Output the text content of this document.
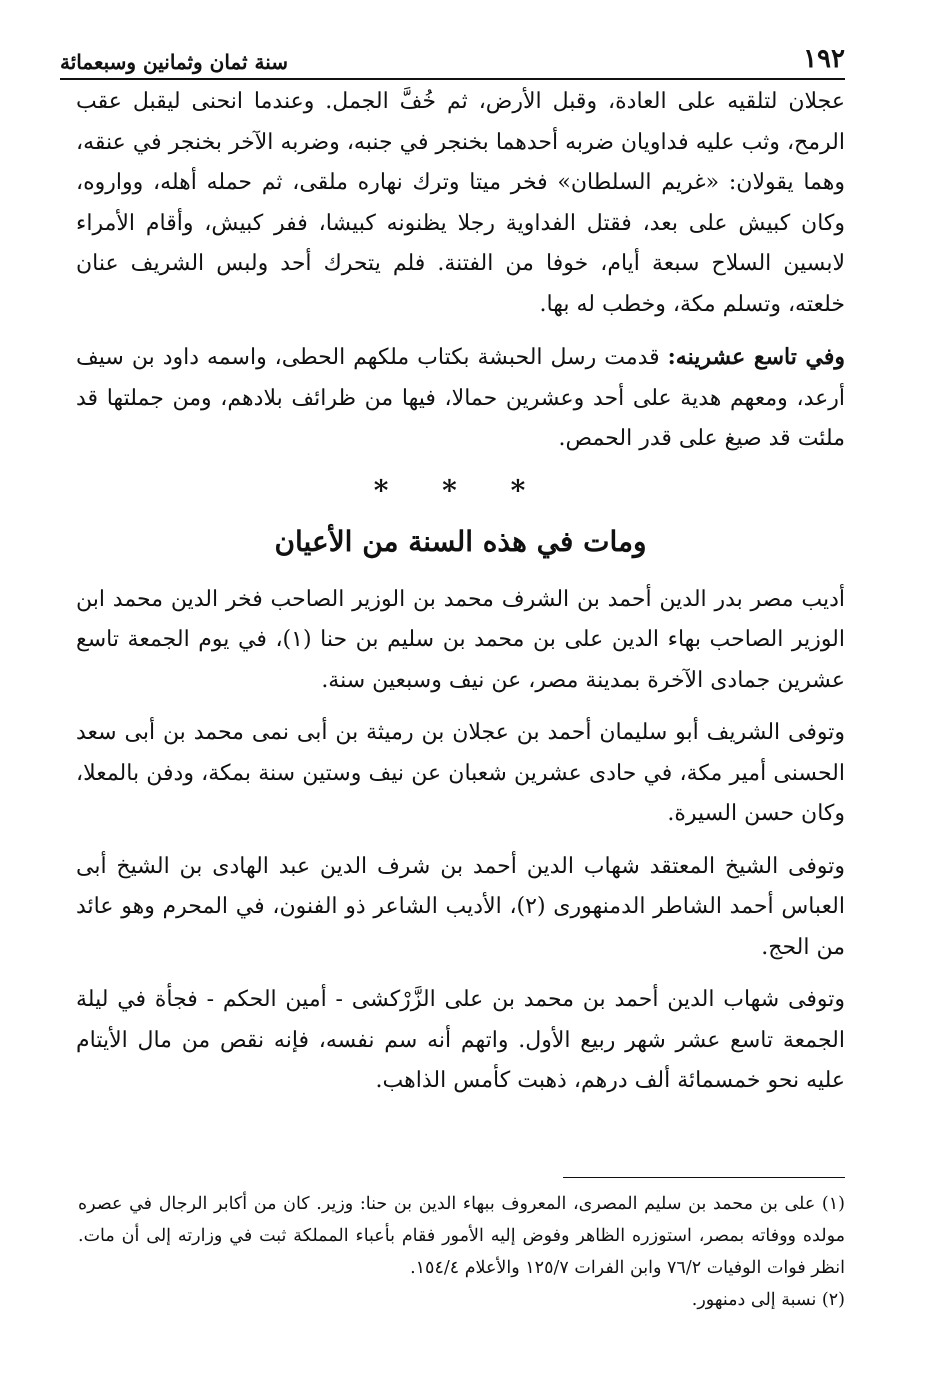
١٩٢
سنة ثمان وثمانين وسبعمائة

عجلان لتلقيه على العادة، وقبل الأرض، ثم خُفَّ الجمل. وعندما انحنى ليقبل عقب الرمح، وثب عليه فداويان ضربه أحدهما بخنجر في جنبه، وضربه الآخر بخنجر في عنقه، وهما يقولان: «غريم السلطان» فخر ميتا وترك نهاره ملقى، ثم حمله أهله، وواروه، وكان كبيش على بعد، فقتل الفداوية رجلا يظنونه كبيشا، ففر كبيش، وأقام الأمراء لابسين السلاح سبعة أيام، خوفا من الفتنة. فلم يتحرك أحد ولبس الشريف عنان خلعته، وتسلم مكة، وخطب له بها.

وفي تاسع عشرينه: قدمت رسل الحبشة بكتاب ملكهم الحطى، واسمه داود بن سيف أرعد، ومعهم هدية على أحد وعشرين حمالا، فيها من ظرائف بلادهم، ومن جملتها قد ملئت قد صيغ على قدر الحمص.

* * *
ومات في هذه السنة من الأعيان

أديب مصر بدر الدين أحمد بن الشرف محمد بن الوزير الصاحب فخر الدين محمد ابن الوزير الصاحب بهاء الدين على بن محمد بن سليم بن حنا (١)، في يوم الجمعة تاسع عشرين جمادى الآخرة بمدينة مصر، عن نيف وسبعين سنة.

وتوفى الشريف أبو سليمان أحمد بن عجلان بن رميثة بن أبى نمى محمد بن أبى سعد الحسنى أمير مكة، في حادى عشرين شعبان عن نيف وستين سنة بمكة، ودفن بالمعلا، وكان حسن السيرة.

وتوفى الشيخ المعتقد شهاب الدين أحمد بن شرف الدين عبد الهادى بن الشيخ أبى العباس أحمد الشاطر الدمنهورى (٢)، الأديب الشاعر ذو الفنون، في المحرم وهو عائد من الحج.

وتوفى شهاب الدين أحمد بن محمد بن على الزَّرْكشى - أمين الحكم - فجأة في ليلة الجمعة تاسع عشر شهر ربيع الأول. واتهم أنه سم نفسه، فإنه نقص من مال الأيتام عليه نحو خمسمائة ألف درهم، ذهبت كأمس الذاهب.

(١) على بن محمد بن سليم المصرى، المعروف ببهاء الدين بن حنا: وزير. كان من أكابر الرجال في عصره مولده ووفاته بمصر، استوزره الظاهر وفوض إليه الأمور فقام بأعباء المملكة ثبت في وزارته إلى أن مات. انظر فوات الوفيات ٧٦/٢ وابن الفرات ١٢٥/٧ والأعلام ١٥٤/٤.

(٢) نسبة إلى دمنهور.
